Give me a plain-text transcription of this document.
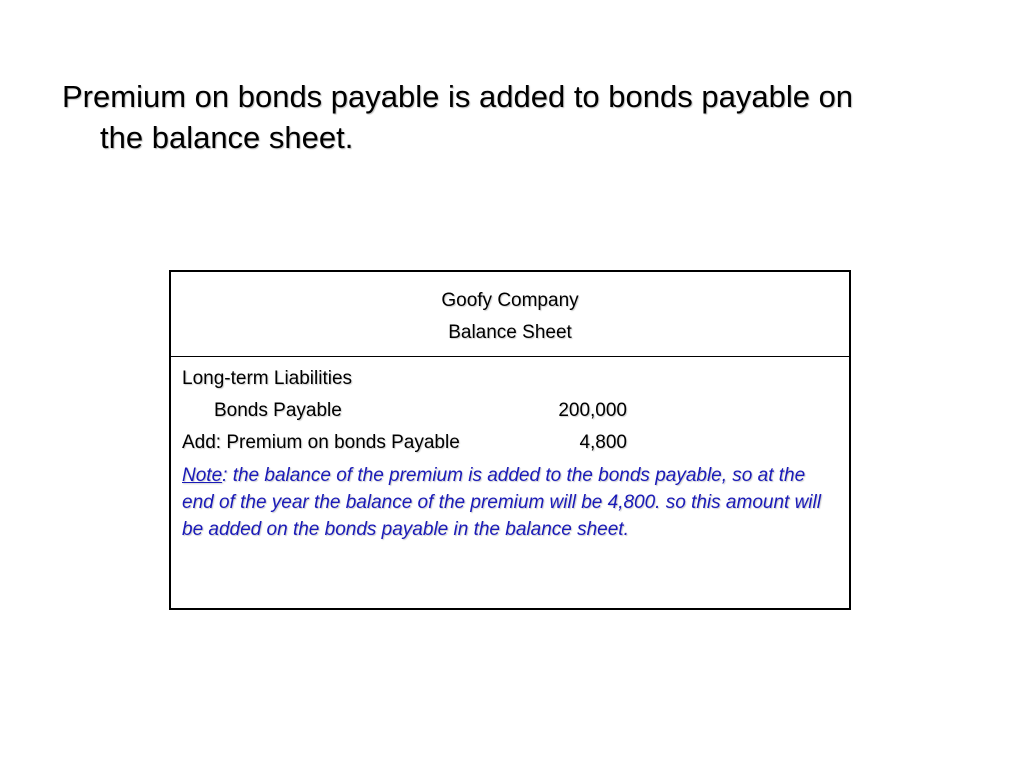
Premium on bonds payable is added to bonds payable on
the balance sheet.
Goofy Company
Balance Sheet
Long-term Liabilities
Bonds Payable	200,000
Add: Premium on bonds Payable	4,800
Note: the balance of the premium is added to the bonds payable, so at the end of the year the balance of the premium will be 4,800. so this amount will be added on the bonds payable in the balance sheet.
